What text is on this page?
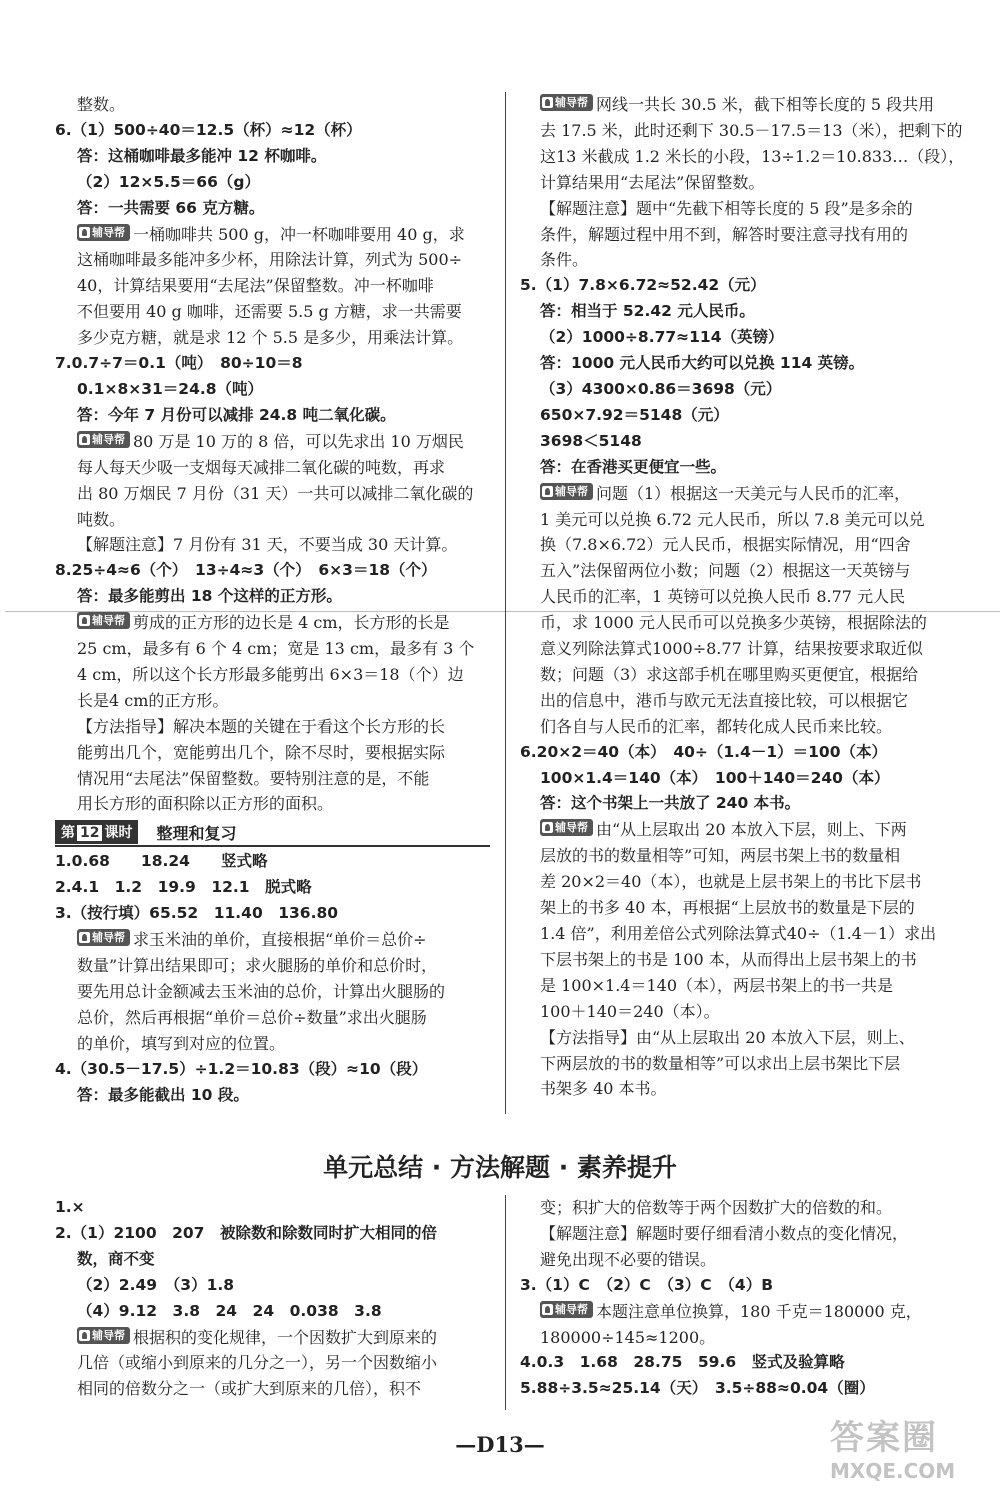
整数。
6.（1）500÷40＝12.5（杯）≈12（杯）
答：这桶咖啡最多能冲 12 杯咖啡。
（2）12×5.5＝66（g）
答：一共需要 66 克方糖。
辅导帮 一桶咖啡共 500 g，冲一杯咖啡要用 40 g，求
这桶咖啡最多能冲多少杯，用除法计算，列式为 500÷
40，计算结果要用“去尾法”保留整数。冲一杯咖啡
不但要用 40 g 咖啡，还需要 5.5 g 方糖，求一共需要
多少克方糖，就是求 12 个 5.5 是多少，用乘法计算。
7.0.7÷7＝0.1（吨）　80÷10＝8
0.1×8×31＝24.8（吨）
答：今年 7 月份可以减排 24.8 吨二氧化碳。
辅导帮 80 万是 10 万的 8 倍，可以先求出 10 万烟民
每人每天少吸一支烟每天减排二氧化碳的吨数，再求
出 80 万烟民 7 月份（31 天）一共可以减排二氧化碳的
吨数。
【解题注意】7 月份有 31 天，不要当成 30 天计算。
8.25÷4≈6（个）　13÷4≈3（个）　6×3＝18（个）
答：最多能剪出 18 个这样的正方形。
辅导帮 剪成的正方形的边长是 4 cm，长方形的长是
25 cm，最多有 6 个 4 cm；宽是 13 cm，最多有 3 个
4 cm，所以这个长方形最多能剪出 6×3＝18（个）边
长是4 cm的正方形。
【方法指导】解决本题的关键在于看这个长方形的长
能剪出几个，宽能剪出几个，除不尽时，要根据实际
情况用“去尾法”保留整数。要特别注意的是，不能
用长方形的面积除以正方形的面积。
第 12 课时	整理和复习
1.0.68　　18.24　　竖式略
2.4.1　1.2　19.9　12.1　脱式略
3.（按行填）65.52　11.40　136.80
辅导帮 求玉米油的单价，直接根据“单价＝总价÷
数量”计算出结果即可；求火腿肠的单价和总价时，
要先用总计金额减去玉米油的总价，计算出火腿肠的
总价，然后再根据“单价＝总价÷数量”求出火腿肠
的单价，填写到对应的位置。
4.（30.5－17.5）÷1.2＝10.83（段）≈10（段）
答：最多能截出 10 段。
辅导帮 网线一共长 30.5 米，截下相等长度的 5 段共用
去 17.5 米，此时还剩下 30.5－17.5＝13（米），把剩下的
这13 米截成 1.2 米长的小段，13÷1.2＝10.833…（段），
计算结果用“去尾法”保留整数。
【解题注意】题中“先截下相等长度的 5 段”是多余的
条件，解题过程中用不到，解答时要注意寻找有用的
条件。
5.（1）7.8×6.72≈52.42（元）
答：相当于 52.42 元人民币。
（2）1000÷8.77≈114（英镑）
答：1000 元人民币大约可以兑换 114 英镑。
（3）4300×0.86＝3698（元）
650×7.92＝5148（元）
3698＜5148
答：在香港买更便宜一些。
辅导帮 问题（1）根据这一天美元与人民币的汇率，
1 美元可以兑换 6.72 元人民币，所以 7.8 美元可以兑
换（7.8×6.72）元人民币，根据实际情况，用“四舍
五入”法保留两位小数；问题（2）根据这一天英镑与
人民币的汇率，1 英镑可以兑换人民币 8.77 元人民
币，求 1000 元人民币可以兑换多少英镑，根据除法的
意义列除法算式1000÷8.77 计算，结果按要求取近似
数；问题（3）求这部手机在哪里购买更便宜，根据给
出的信息中，港币与欧元无法直接比较，可以根据它
们各自与人民币的汇率，都转化成人民币来比较。
6.20×2＝40（本）　40÷（1.4－1）＝100（本）
100×1.4＝140（本）　100＋140＝240（本）
答：这个书架上一共放了 240 本书。
辅导帮 由“从上层取出 20 本放入下层，则上、下两
层放的书的数量相等”可知，两层书架上书的数量相
差 20×2＝40（本），也就是上层书架上的书比下层书
架上的书多 40 本，再根据“上层放书的数量是下层的
1.4 倍”，利用差倍公式列除法算式40÷（1.4－1）求出
下层书架上的书是 100 本，从而得出上层书架上的书
是 100×1.4＝140（本），两层书架上的书一共是
100＋140＝240（本）。
【方法指导】由“从上层取出 20 本放入下层，则上、
下两层放的书的数量相等”可以求出上层书架比下层
书架多 40 本书。
单元总结 · 方法解题 · 素养提升
1.×
2.（1）2100　207　被除数和除数同时扩大相同的倍
数，商不变
（2）2.49　（3）1.8
（4）9.12　3.8　24　24　0.038　3.8
辅导帮 根据积的变化规律，一个因数扩大到原来的
几倍（或缩小到原来的几分之一），另一个因数缩小
相同的倍数分之一（或扩大到原来的几倍），积不
变；积扩大的倍数等于两个因数扩大的倍数的和。
【解题注意】解题时要仔细看清小数点的变化情况，
避免出现不必要的错误。
3.（1）C　（2）C　（3）C　（4）B
辅导帮 本题注意单位换算，180 千克＝180000 克，
180000÷145≈1200。
4.0.3　1.68　28.75　59.6　竖式及验算略
5.88÷3.5≈25.14（天）　3.5÷88≈0.04（圈）
—D13—	答案圈
MXQE.COM
